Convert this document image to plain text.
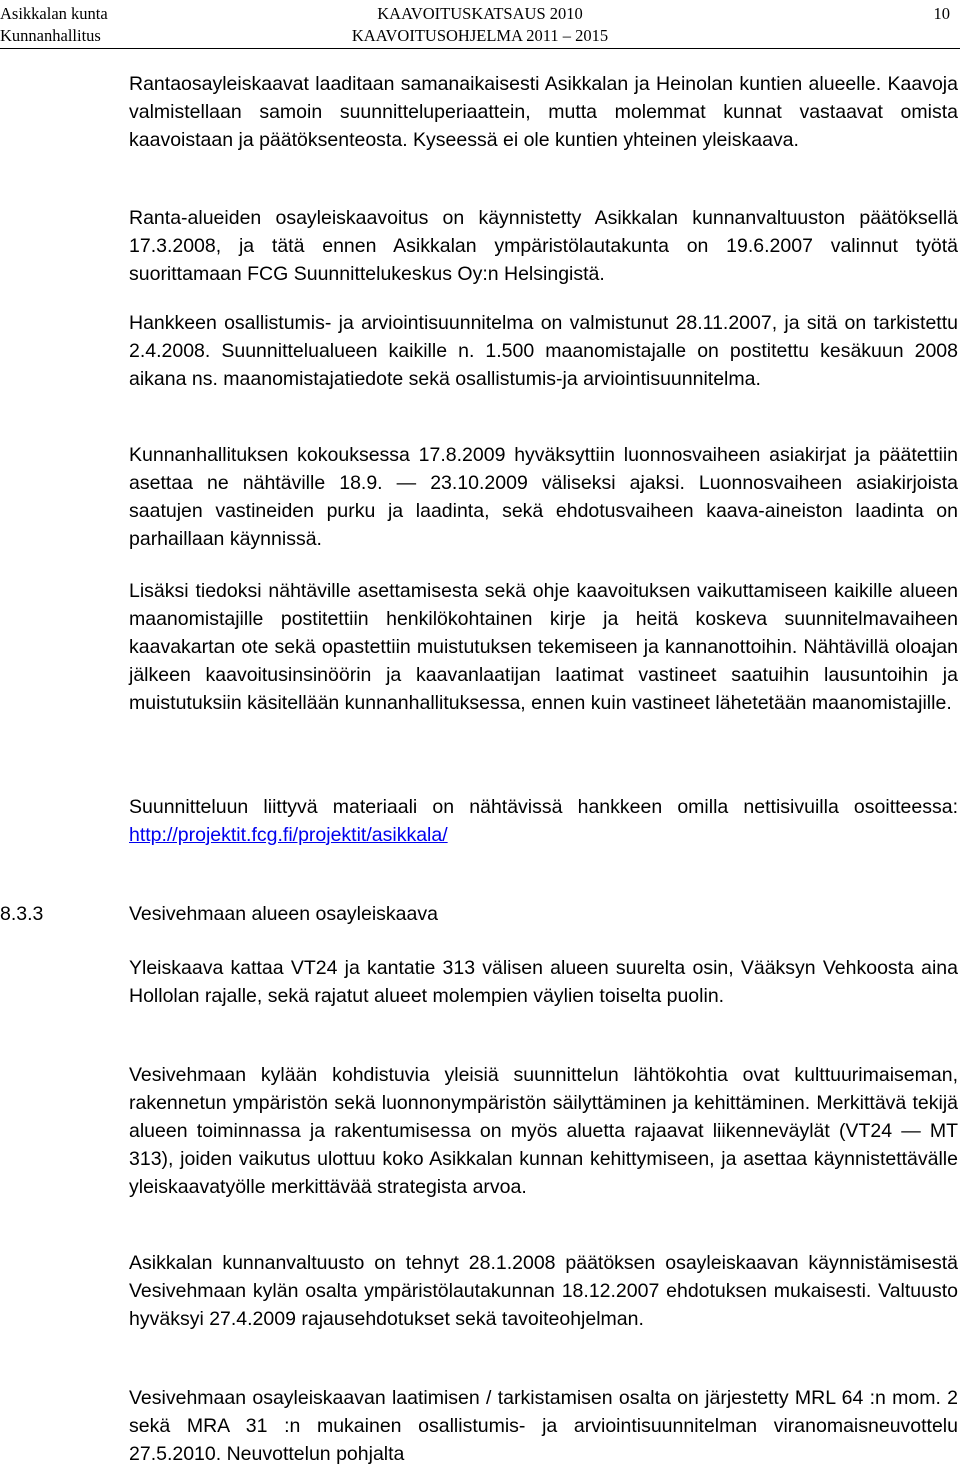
Asikkalan kunta
Kunnanhallitus
KAAVOITUSKATSAUS 2010
KAAVOITUSOHJELMA 2011 – 2015
10

Rantaosayleiskaavat laaditaan samanaikaisesti Asikkalan ja Heinolan kuntien alueelle. Kaavoja valmistellaan samoin suunnitteluperiaattein, mutta molemmat kunnat vastaavat omista kaavoistaan ja päätöksenteosta. Kyseessä ei ole kuntien yhteinen yleiskaava.

Ranta-alueiden osayleiskaavoitus on käynnistetty Asikkalan kunnanvaltuuston päätöksellä 17.3.2008, ja tätä ennen Asikkalan ympäristölautakunta on 19.6.2007 valinnut työtä suorittamaan FCG Suunnittelukeskus Oy:n Helsingistä.

Hankkeen osallistumis- ja arviointisuunnitelma on valmistunut 28.11.2007, ja sitä on tarkistettu 2.4.2008. Suunnittelualueen kaikille n. 1.500 maanomistajalle on postitettu kesäkuun 2008 aikana ns. maanomistajatiedote sekä osallistumis-ja arviointisuunnitelma.

Kunnanhallituksen kokouksessa 17.8.2009 hyväksyttiin luonnosvaiheen asiakirjat ja päätettiin asettaa ne nähtäville 18.9. — 23.10.2009 väliseksi ajaksi. Luonnosvaiheen asiakirjoista saatujen vastineiden purku ja laadinta, sekä ehdotusvaiheen kaava-aineiston laadinta on parhaillaan käynnissä.

Lisäksi tiedoksi nähtäville asettamisesta sekä ohje kaavoituksen vaikuttamiseen kaikille alueen maanomistajille postitettiin henkilökohtainen kirje ja heitä koskeva suunnitelmavaiheen kaavakartan ote sekä opastettiin muistutuksen tekemiseen ja kannanottoihin. Nähtävillä oloajan jälkeen kaavoitusinsinöörin ja kaavanlaatijan laatimat vastineet saatuihin lausuntoihin ja muistutuksiin käsitellään kunnanhallituksessa, ennen kuin vastineet lähetetään maanomistajille.

Suunnitteluun liittyvä materiaali on nähtävissä hankkeen omilla nettisivuilla osoitteessa: http://projektit.fcg.fi/projektit/asikkala/

8.3.3	Vesivehmaan alueen osayleiskaava

Yleiskaava kattaa VT24 ja kantatie 313 välisen alueen suurelta osin, Vääksyn Vehkoosta aina Hollolan rajalle, sekä rajatut alueet molempien väylien toiselta puolin.

Vesivehmaan kylään kohdistuvia yleisiä suunnittelun lähtökohtia ovat kulttuurimaiseman, rakennetun ympäristön sekä luonnonympäristön säilyttäminen ja kehittäminen. Merkittävä tekijä alueen toiminnassa ja rakentumisessa on myös aluetta rajaavat liikenneväylät (VT24 — MT 313), joiden vaikutus ulottuu koko Asikkalan kunnan kehittymiseen, ja asettaa käynnistettävälle yleiskaavatyölle merkittävää strategista arvoa.

Asikkalan kunnanvaltuusto on tehnyt 28.1.2008 päätöksen osayleiskaavan käynnistämisestä Vesivehmaan kylän osalta ympäristölautakunnan 18.12.2007 ehdotuksen mukaisesti. Valtuusto hyväksyi 27.4.2009 rajausehdotukset sekä tavoiteohjelman.

Vesivehmaan osayleiskaavan laatimisen / tarkistamisen osalta on järjestetty MRL 64 :n mom. 2 sekä MRA 31 :n mukainen osallistumis- ja arviointisuunnitelman viranomaisneuvottelu 27.5.2010. Neuvottelun pohjalta
